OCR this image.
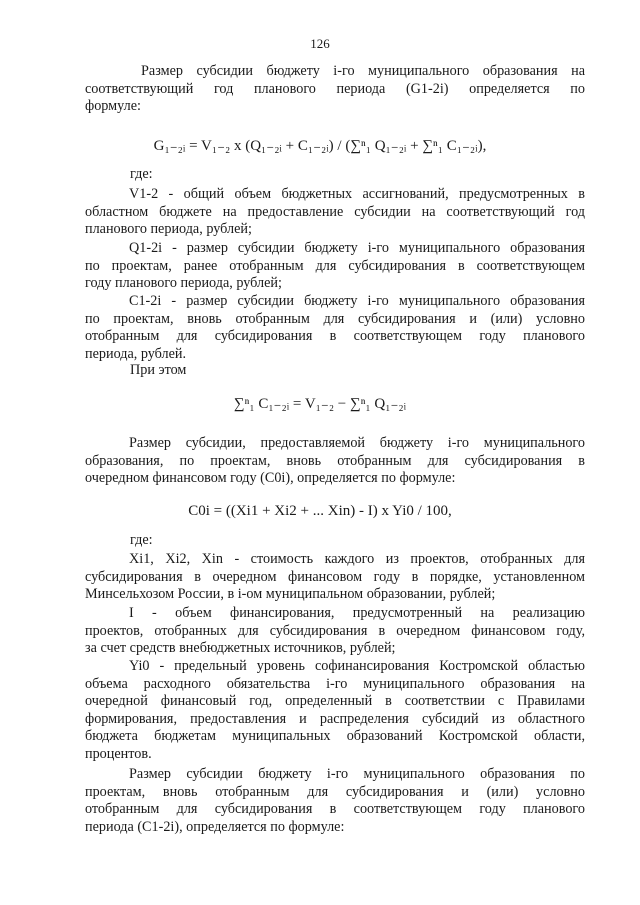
126
Размер субсидии бюджету i-го муниципального образования на
соответствующий год планового периода (G1-2i) определяется по
формуле:
G₁₋₂ᵢ = V₁₋₂ x (Q₁₋₂ᵢ + C₁₋₂ᵢ) / (∑ⁿ₁ Q₁₋₂ᵢ + ∑ⁿ₁ C₁₋₂ᵢ),
где:
V1-2 - общий объем бюджетных ассигнований, предусмотренных в
областном бюджете на предоставление субсидии на соответствующий год
планового периода, рублей;
Q1-2i - размер субсидии бюджету i-го муниципального образования
по проектам, ранее отобранным для субсидирования в соответствующем
году планового периода, рублей;
C1-2i - размер субсидии бюджету i-го муниципального образования
по проектам, вновь отобранным для субсидирования и (или) условно
отобранным для субсидирования в соответствующем году планового
периода, рублей.
При этом
∑ⁿ₁ C₁₋₂ᵢ = V₁₋₂ − ∑ⁿ₁ Q₁₋₂ᵢ
Размер субсидии, предоставляемой бюджету i-го муниципального
образования, по проектам, вновь отобранным для субсидирования в
очередном финансовом году (C0i), определяется по формуле:
C0i = ((Xi1 + Xi2 + ... Xin) - I) x Yi0 / 100,
где:
Xi1, Xi2, Xin - стоимость каждого из проектов, отобранных для
субсидирования в очередном финансовом году в порядке, установленном
Минсельхозом России, в i-ом муниципальном образовании, рублей;
I - объем финансирования, предусмотренный на реализацию
проектов, отобранных для субсидирования в очередном финансовом году,
за счет средств внебюджетных источников, рублей;
Yi0 - предельный уровень софинансирования Костромской областью
объема расходного обязательства i-го муниципального образования на
очередной финансовый год, определенный в соответствии с Правилами
формирования, предоставления и распределения субсидий из областного
бюджета бюджетам муниципальных образований Костромской области,
процентов.
Размер субсидии бюджету i-го муниципального образования по
проектам, вновь отобранным для субсидирования и (или) условно
отобранным для субсидирования в соответствующем году планового
периода (C1-2i), определяется по формуле:
